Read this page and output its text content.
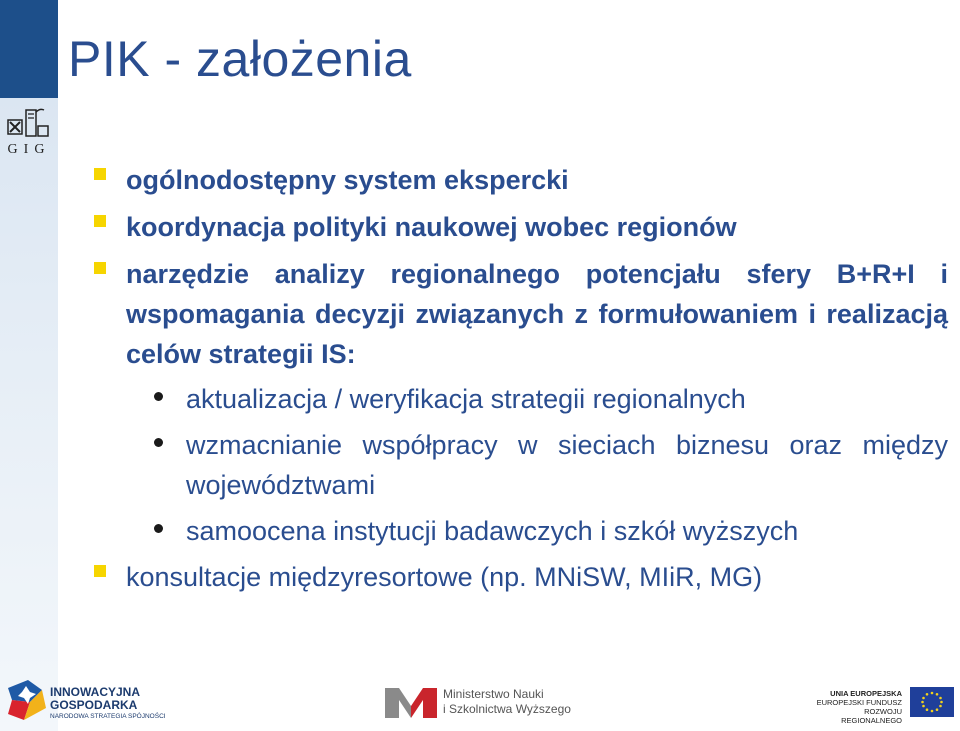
GIG

PIK - założenia
ogólnodostępny system ekspercki
koordynacja polityki naukowej wobec regionów
narzędzie analizy regionalnego potencjału sfery B+R+I i wspomagania decyzji związanych z formułowaniem i realizacją celów strategii IS:
aktualizacja / weryfikacja strategii regionalnych
wzmacnianie współpracy w sieciach biznesu oraz między województwami
samoocena instytucji badawczych i szkół wyższych
konsultacje międzyresortowe (np. MNiSW, MIiR, MG)
INNOWACYJNA
GOSPODARKA
NARODOWA STRATEGIA SPÓJNOŚCI
Ministerstwo Nauki
i Szkolnictwa Wyższego
UNIA EUROPEJSKA
EUROPEJSKI FUNDUSZ
ROZWOJU REGIONALNEGO
